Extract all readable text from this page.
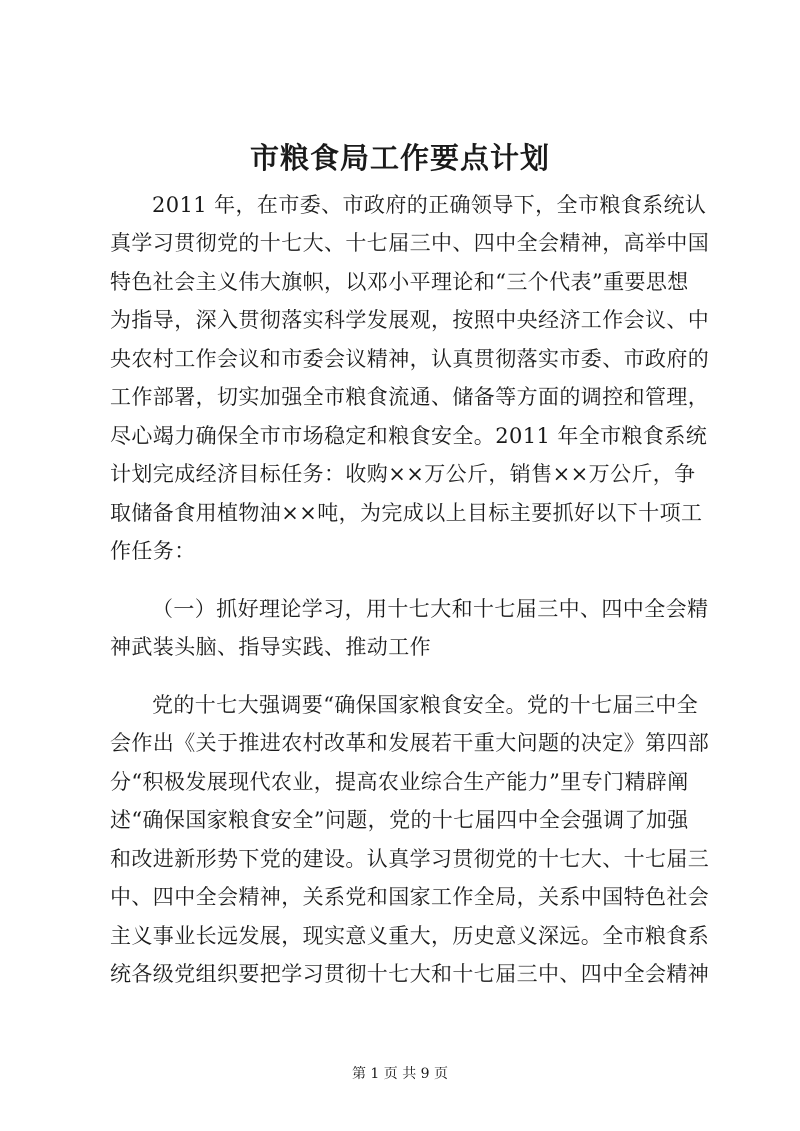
市粮食局工作要点计划
2011 年，在市委、市政府的正确领导下，全市粮食系统认
真学习贯彻党的十七大、十七届三中、四中全会精神，高举中国
特色社会主义伟大旗帜，以邓小平理论和“三个代表”重要思想
为指导，深入贯彻落实科学发展观，按照中央经济工作会议、中
央农村工作会议和市委会议精神，认真贯彻落实市委、市政府的
工作部署，切实加强全市粮食流通、储备等方面的调控和管理，
尽心竭力确保全市市场稳定和粮食安全。2011 年全市粮食系统
计划完成经济目标任务：收购××万公斤，销售××万公斤，争
取储备食用植物油××吨，为完成以上目标主要抓好以下十项工
作任务：
（一）抓好理论学习，用十七大和十七届三中、四中全会精
神武装头脑、指导实践、推动工作
党的十七大强调要“确保国家粮食安全。党的十七届三中全
会作出《关于推进农村改革和发展若干重大问题的决定》第四部
分“积极发展现代农业，提高农业综合生产能力”里专门精辟阐
述“确保国家粮食安全”问题，党的十七届四中全会强调了加强
和改进新形势下党的建设。认真学习贯彻党的十七大、十七届三
中、四中全会精神，关系党和国家工作全局，关系中国特色社会
主义事业长远发展，现实意义重大，历史意义深远。全市粮食系
统各级党组织要把学习贯彻十七大和十七届三中、四中全会精神
第 1 页 共 9 页
